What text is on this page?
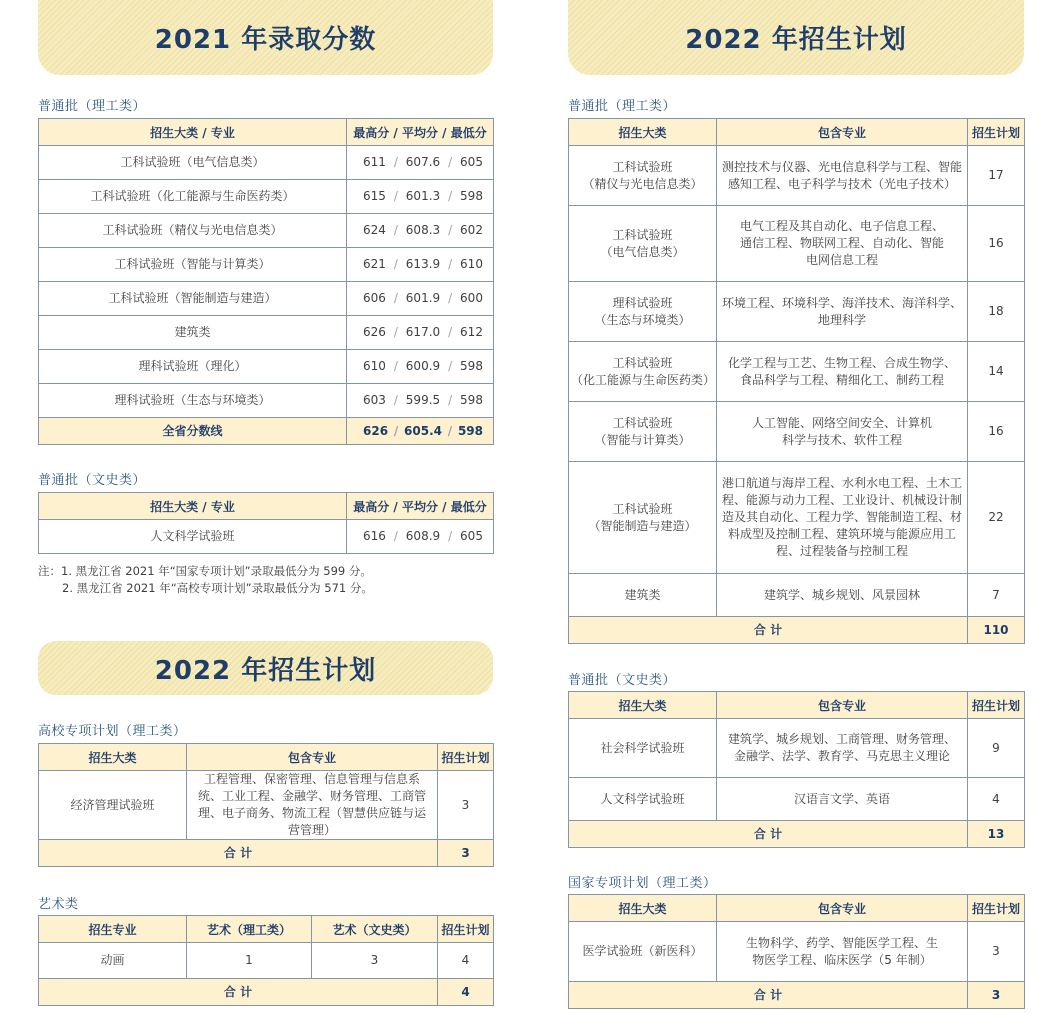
2021 年录取分数
普通批（理工类）
招生大类 / 专业	最高分 / 平均分 / 最低分
工科试验班（电气信息类）	611 / 607.6 / 605

工科试验班（化工能源与生命医药类）	615 / 601.3 / 598

工科试验班（精仪与光电信息类）	624 / 608.3 / 602

工科试验班（智能与计算类）	621 / 613.9 / 610

工科试验班（智能制造与建造）	606 / 601.9 / 600

建筑类	626 / 617.0 / 612

理科试验班（理化）	610 / 600.9 / 598

理科试验班（生态与环境类）	603 / 599.5 / 598

全省分数线	626 / 605.4 / 598
普通批（文史类）
招生大类 / 专业	最高分 / 平均分 / 最低分
人文科学试验班	616 / 608.9 / 605
注：1. 黑龙江省 2021 年“国家专项计划”录取最低分为 599 分。
2. 黑龙江省 2021 年“高校专项计划”录取最低分为 571 分。
2022 年招生计划
高校专项计划（理工类）
招生大类	包含专业	招生计划
经济管理试验班	工程管理、保密管理、信息管理与信息系统、工业工程、金融学、财务管理、工商管理、电子商务、物流工程（智慧供应链与运营管理）	3
合 计		3
艺术类
招生专业	艺术（理工类）	艺术（文史类）	招生计划
动画	1	3	4
合 计			4
2022 年招生计划
普通批（理工类）
招生大类	包含专业	招生计划

工科试验班
（精仪与光电信息类）	测控技术与仪器、光电信息科学与工程、智能感知工程、电子科学与技术（光电子技术）	17

工科试验班
（电气信息类）	电气工程及其自动化、电子信息工程、通信工程、物联网工程、自动化、智能电网信息工程	16

理科试验班
（生态与环境类）	环境工程、环境科学、海洋技术、海洋科学、地理科学	18

工科试验班
（化工能源与生命医药类）	化学工程与工艺、生物工程、合成生物学、食品科学与工程、精细化工、制药工程	14

工科试验班
（智能与计算类）	人工智能、网络空间安全、计算机科学与技术、软件工程	16

工科试验班
（智能制造与建造）	港口航道与海岸工程、水利水电工程、土木工程、能源与动力工程、工业设计、机械设计制造及其自动化、工程力学、智能制造工程、材料成型及控制工程、建筑环境与能源应用工程、过程装备与控制工程	22
建筑类	建筑学、城乡规划、风景园林	7
合 计		110
普通批（文史类）
招生大类	包含专业	招生计划
社会科学试验班	建筑学、城乡规划、工商管理、财务管理、金融学、法学、教育学、马克思主义理论	9
人文科学试验班	汉语言文学、英语	4
合 计		13
国家专项计划（理工类）
招生大类	包含专业	招生计划
医学试验班（新医科）	生物科学、药学、智能医学工程、生物医学工程、临床医学（5 年制）	3
合 计		3
